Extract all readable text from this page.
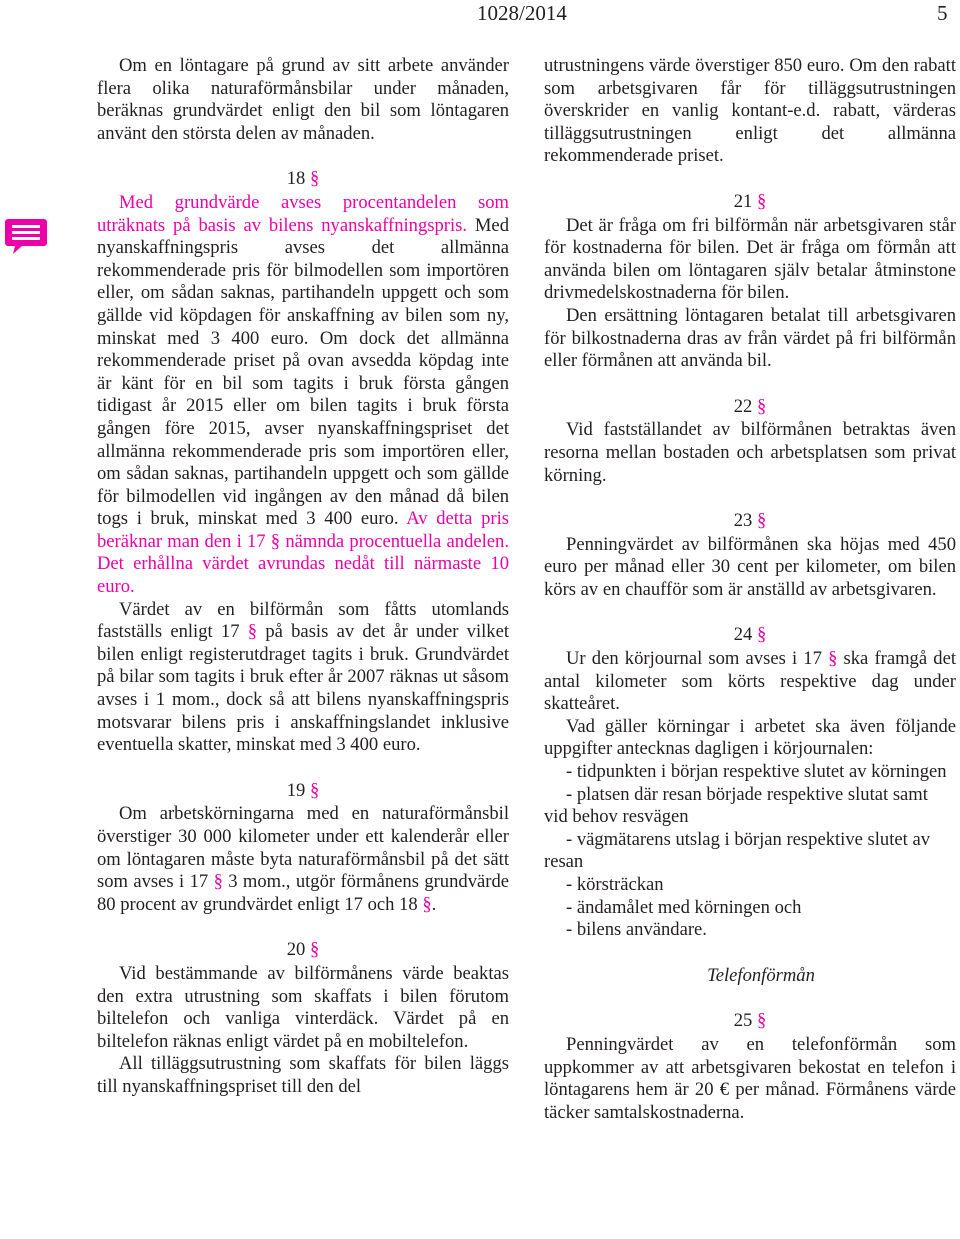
1028/2014	5

Om en löntagare på grund av sitt arbete använder flera olika naturaförmånsbilar under månaden, beräknas grundvärdet enligt den bil som löntagaren använt den största delen av månaden.

18 §

Med grundvärde avses procentandelen som uträknats på basis av bilens nyanskaffningspris. Med nyanskaffningspris avses det allmänna rekommenderade pris för bilmodellen som importören eller, om sådan saknas, partihandeln uppgett och som gällde vid köpdagen för anskaffning av bilen som ny, minskat med 3 400 euro. Om dock det allmänna rekommenderade priset på ovan avsedda köpdag inte är känt för en bil som tagits i bruk första gången tidigast år 2015 eller om bilen tagits i bruk första gången före 2015, avser nyanskaffningspriset det allmänna rekommenderade pris som importören eller, om sådan saknas, partihandeln uppgett och som gällde för bilmodellen vid ingången av den månad då bilen togs i bruk, minskat med 3 400 euro. Av detta pris beräknar man den i 17 § nämnda procentuella andelen. Det erhållna värdet avrundas nedåt till närmaste 10 euro.

Värdet av en bilförmån som fåtts utomlands fastställs enligt 17 § på basis av det år under vilket bilen enligt registerutdraget tagits i bruk. Grundvärdet på bilar som tagits i bruk efter år 2007 räknas ut såsom avses i 1 mom., dock så att bilens nyanskaffningspris motsvarar bilens pris i anskaffningslandet inklusive eventuella skatter, minskat med 3 400 euro.

19 §

Om arbetskörningarna med en naturaförmånsbil överstiger 30 000 kilometer under ett kalenderår eller om löntagaren måste byta naturaförmånsbil på det sätt som avses i 17 § 3 mom., utgör förmånens grundvärde 80 procent av grundvärdet enligt 17 och 18 §.

20 §

Vid bestämmande av bilförmånens värde beaktas den extra utrustning som skaffats i bilen förutom biltelefon och vanliga vinterdäck. Värdet på en biltelefon räknas enligt värdet på en mobiltelefon.

All tilläggsutrustning som skaffats för bilen läggs till nyanskaffningspriset till den del

utrustningens värde överstiger 850 euro. Om den rabatt som arbetsgivaren får för tilläggsutrustningen överskrider en vanlig kontant-e.d. rabatt, värderas tilläggsutrustningen enligt det allmänna rekommenderade priset.

21 §

Det är fråga om fri bilförmån när arbetsgivaren står för kostnaderna för bilen. Det är fråga om förmån att använda bilen om löntagaren själv betalar åtminstone drivmedelskostnaderna för bilen.

Den ersättning löntagaren betalat till arbetsgivaren för bilkostnaderna dras av från värdet på fri bilförmån eller förmånen att använda bil.

22 §

Vid fastställandet av bilförmånen betraktas även resorna mellan bostaden och arbetsplatsen som privat körning.

23 §

Penningvärdet av bilförmånen ska höjas med 450 euro per månad eller 30 cent per kilometer, om bilen körs av en chaufför som är anställd av arbetsgivaren.

24 §

Ur den körjournal som avses i 17 § ska framgå det antal kilometer som körts respektive dag under skatteåret.

Vad gäller körningar i arbetet ska även följande uppgifter antecknas dagligen i körjournalen:

- tidpunkten i början respektive slutet av körningen

- platsen där resan började respektive slutat samt vid behov resvägen

- vägmätarens utslag i början respektive slutet av resan

- körsträckan

- ändamålet med körningen och

- bilens användare.

Telefonförmån

25 §

Penningvärdet av en telefonförmån som uppkommer av att arbetsgivaren bekostat en telefon i löntagarens hem är 20 € per månad. Förmånens värde täcker samtalskostnaderna.
